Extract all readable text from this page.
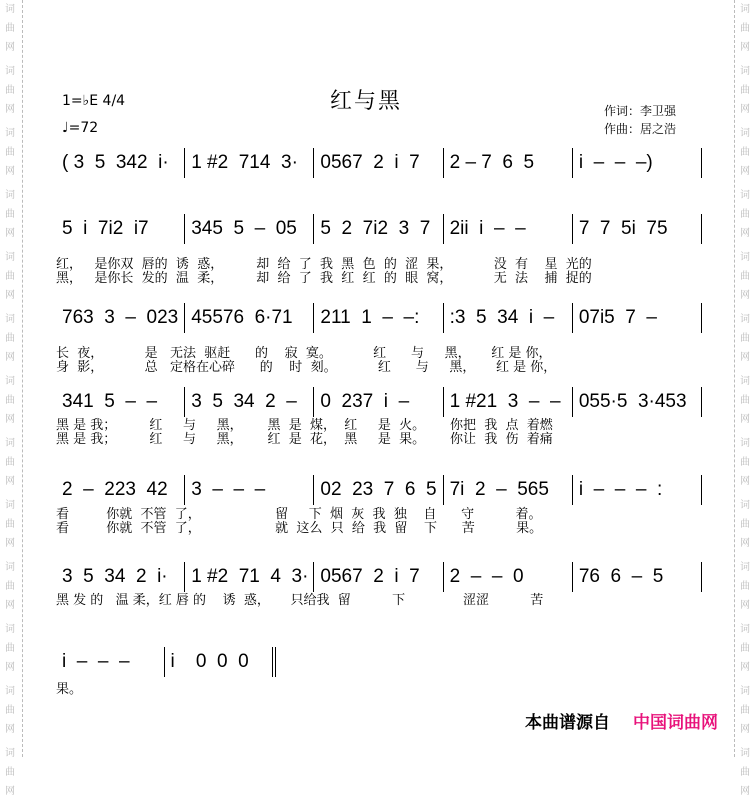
词曲网
词曲网
词曲网
词曲网
词曲网
词曲网
词曲网
词曲网
词曲网
词曲网
词曲网
词曲网
词曲网
词曲网
词曲网
词曲网
词曲网
词曲网
词曲网
词曲网
词曲网
词曲网
词曲网
词曲网
词曲网
词曲网
红与黑
1=♭E 4/4
♩=72
作词：李卫强
作曲：居之浩
( 3  5  342  i·	1 #2  714  3·	0567  2  i  7	2 – 7  6  5	i  –  –  –)
5  i  7i2  i7	345  5  –  05	5  2  7i2  3  7	2ii  i  –  –	7  7  5i  75
红，   是你双  唇的  诱  惑，        却  给  了  我  黑  色  的  涩  果，          没  有    星  光的
黑，   是你长  发的  温  柔，        却  给  了  我  红  红  的  眼  窝，          无  法    捕  捉的
763  3  –  023 45576  6·71	211  1  –  –:	:3  5  34  i  –	07i5  7  –
长  夜，          是   无法  驱赶      的    寂  寞。          红      与     黑，     红 是 你，
身  影，          总   定格在心碎      的    时  刻。          红      与     黑，     红 是 你，
341  5  –  –	3  5  34  2  –	0  237  i  –	1 #21  3  –  – 055·5  3·453
黑 是 我；        红     与     黑，      黑  是  煤，  红     是  火。      你把  我  点  着燃
黑 是 我；        红     与     黑，      红  是  花，  黑     是  果。      你让  我  伤  着痛
2  –  223  42	3  –  –  –	02  23  7  6  5 7i  2  –  565	i  –  –  –  :
看         你就  不管  了，                  留     下  烟  灰  我  独    自      守          着。
看         你就  不管  了，                  就  这么  只  给  我  留    下      苦          果。
3  5  34  2  i·	1 #2  71  4  3· 0567  2  i  7	2  –  –  0	76  6  –  5
黑 发 的   温 柔，红 唇 的    诱  惑，     只给我  留          下              涩涩          苦
i  –  –  –	i    0  0  0
果。
本曲谱源自 中国词曲网
